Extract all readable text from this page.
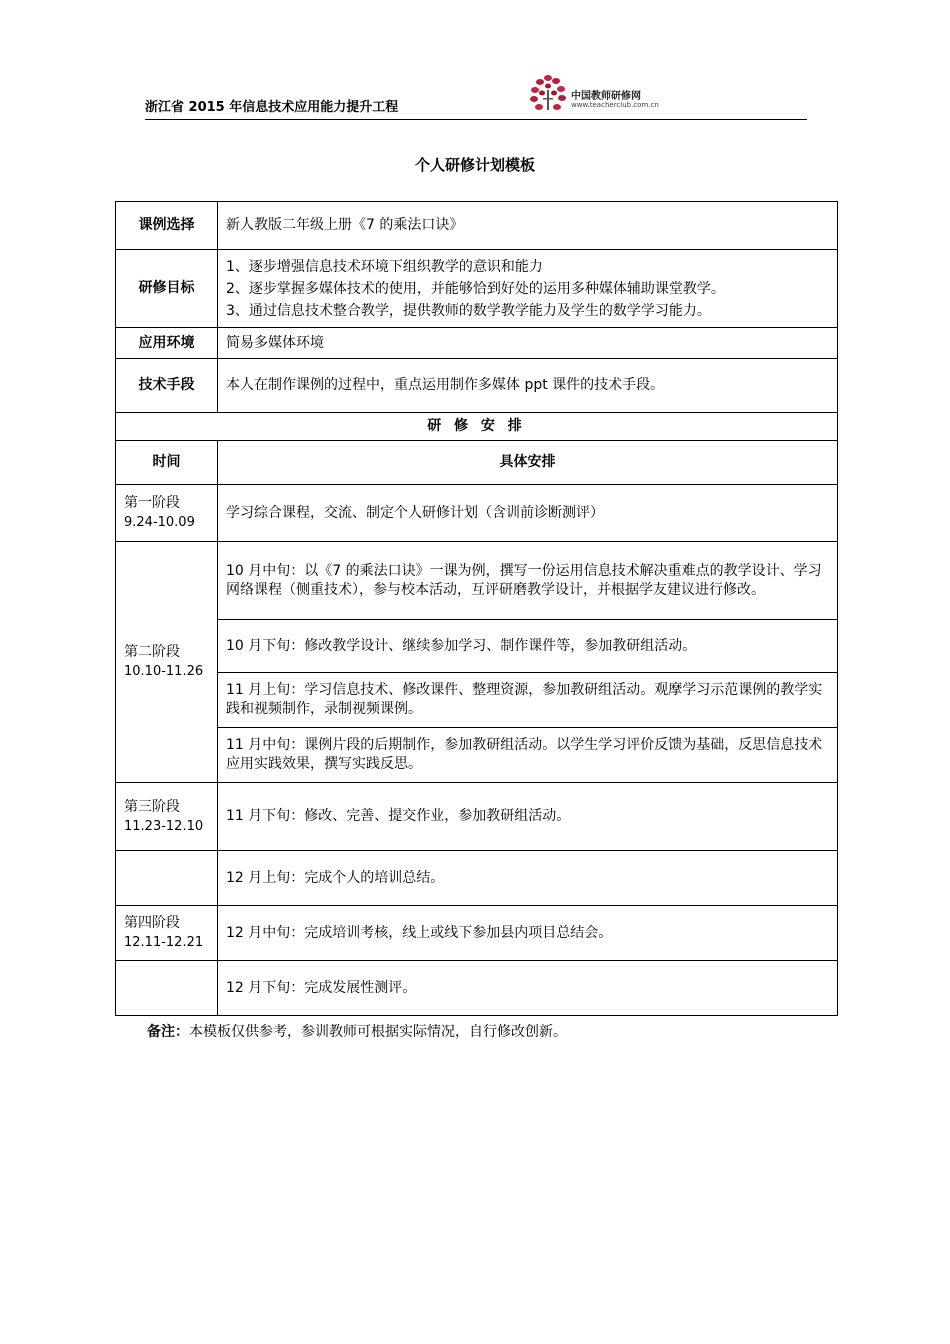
浙江省 2015 年信息技术应用能力提升工程
中国教师研修网
www.teacherclub.com.cn
个人研修计划模板
课例选择	新人教版二年级上册《7 的乘法口诀》
研修目标	1、逐步增强信息技术环境下组织教学的意识和能力
2、逐步掌握多媒体技术的使用，并能够恰到好处的运用多种媒体辅助课堂教学。
3、通过信息技术整合教学，提供教师的数学教学能力及学生的数学学习能力。

应用环境	简易多媒体环境
技术手段	本人在制作课例的过程中，重点运用制作多媒体 ppt 课件的技术手段。
研 修 安 排	
时间	具体安排

第一阶段
9.24-10.09	学习综合课程，交流、制定个人研修计划（含训前诊断测评）

第二阶段
10.10-11.26	10 月中旬：以《7 的乘法口诀》一课为例，撰写一份运用信息技术解决重难点的教学设计、学习网络课程（侧重技术），参与校本活动，互评研磨教学设计，并根据学友建议进行修改。
	10 月下旬：修改教学设计、继续参加学习、制作课件等，参加教研组活动。
	11 月上旬：学习信息技术、修改课件、整理资源，参加教研组活动。观摩学习示范课例的教学实践和视频制作，录制视频课例。
	11 月中旬：课例片段的后期制作，参加教研组活动。以学生学习评价反馈为基础，反思信息技术应用实践效果，撰写实践反思。

第三阶段
11.23-12.10	11 月下旬：修改、完善、提交作业，参加教研组活动。
	12 月上旬：完成个人的培训总结。

第四阶段
12.11-12.21	12 月中旬：完成培训考核，线上或线下参加县内项目总结会。
	12 月下旬：完成发展性测评。
备注：本模板仅供参考，参训教师可根据实际情况，自行修改创新。
